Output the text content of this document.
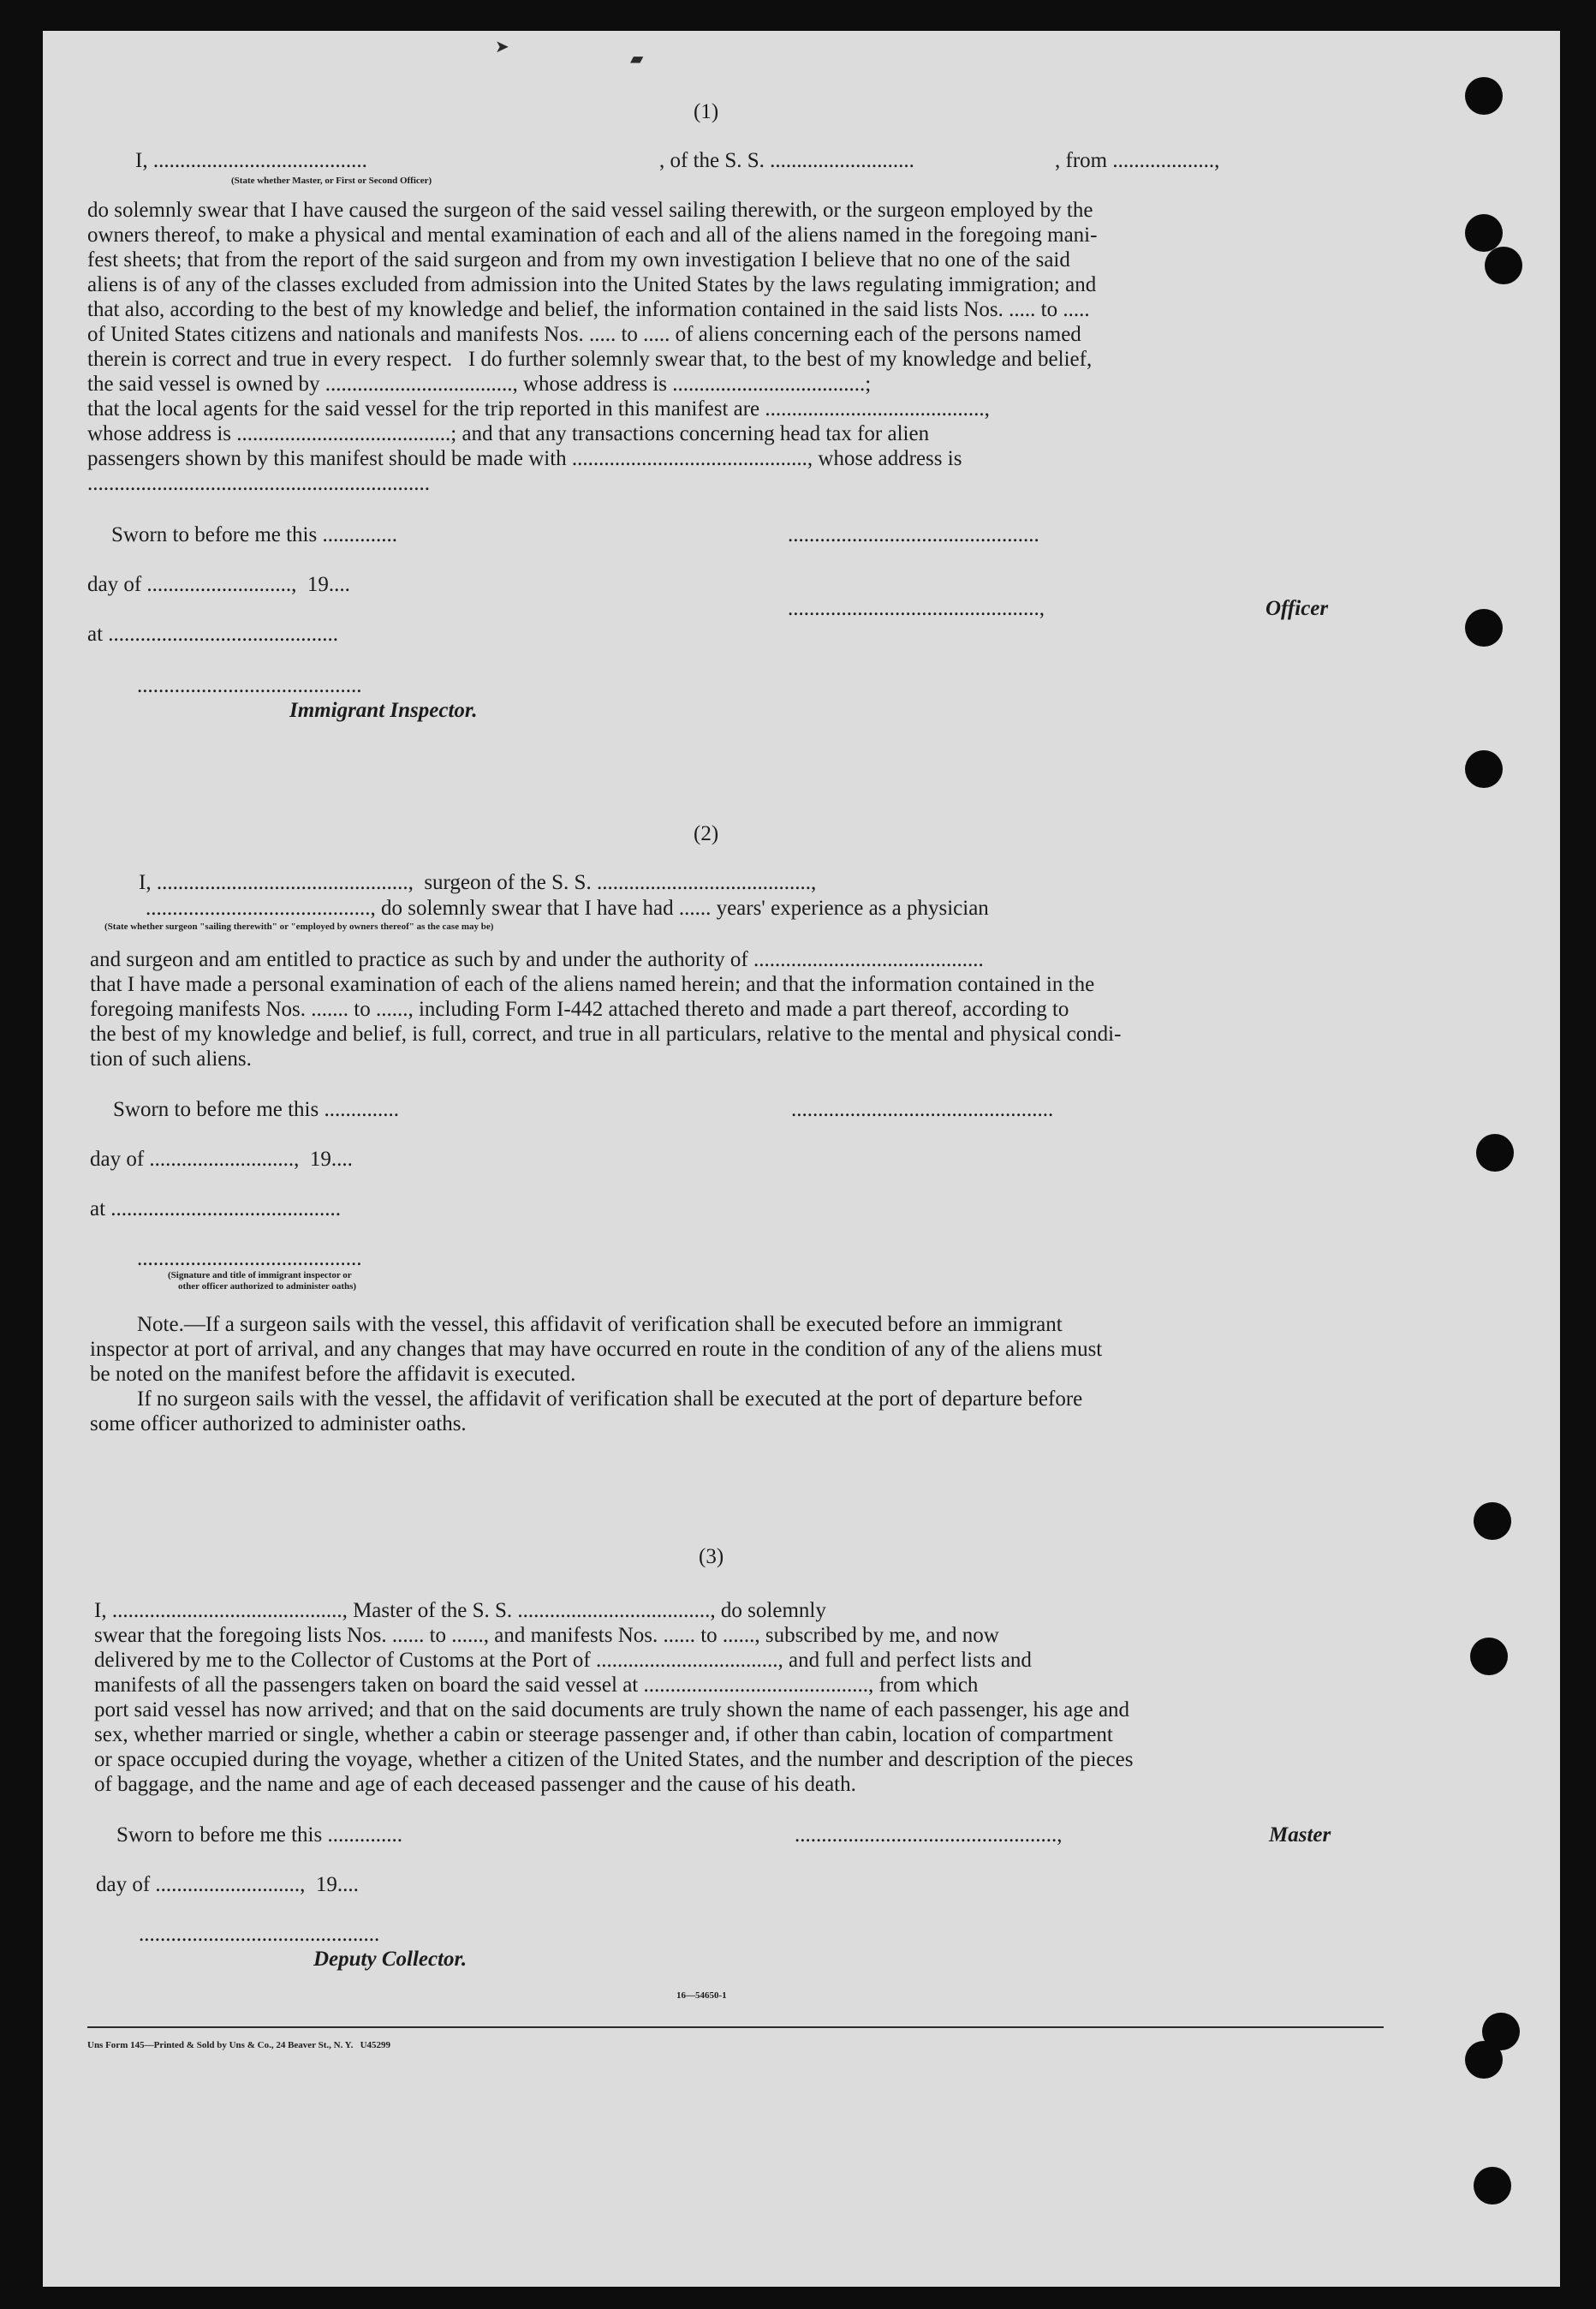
▰
➤
(1)
I, ........................................	, of the S. S. ...........................	, from ...................,
(State whether Master, or First or Second Officer)
do solemnly swear that I have caused the surgeon of the said vessel sailing therewith, or the surgeon employed by the
owners thereof, to make a physical and mental examination of each and all of the aliens named in the foregoing mani-
fest sheets; that from the report of the said surgeon and from my own investigation I believe that no one of the said
aliens is of any of the classes excluded from admission into the United States by the laws regulating immigration; and
that also, according to the best of my knowledge and belief, the information contained in the said lists Nos. ..... to .....
of United States citizens and nationals and manifests Nos. ..... to ..... of aliens concerning each of the persons named
therein is correct and true in every respect.   I do further solemnly swear that, to the best of my knowledge and belief,
the said vessel is owned by ..................................., whose address is ....................................;
that the local agents for the said vessel for the trip reported in this manifest are .........................................,
whose address is ........................................; and that any transactions concerning head tax for alien
passengers shown by this manifest should be made with ............................................, whose address is
................................................................
Sworn to before me this ..............	...............................................
day of ...........................,  19....
...............................................,	Officer
at ...........................................
..........................................
Immigrant Inspector.
(2)
I, ...............................................,  surgeon of the S. S. ........................................,
.........................................., do solemnly swear that I have had ...... years' experience as a physician
(State whether surgeon "sailing therewith" or "employed by owners thereof" as the case may be)
and surgeon and am entitled to practice as such by and under the authority of ...........................................
that I have made a personal examination of each of the aliens named herein; and that the information contained in the
foregoing manifests Nos. ....... to ......, including Form I-442 attached thereto and made a part thereof, according to
the best of my knowledge and belief, is full, correct, and true in all particulars, relative to the mental and physical condi-
tion of such aliens.
Sworn to before me this ..............	.................................................
day of ...........................,  19....
at ...........................................
..........................................
(Signature and title of immigrant inspector or
other officer authorized to administer oaths)
Note.—If a surgeon sails with the vessel, this affidavit of verification shall be executed before an immigrant
inspector at port of arrival, and any changes that may have occurred en route in the condition of any of the aliens must
be noted on the manifest before the affidavit is executed.
If no surgeon sails with the vessel, the affidavit of verification shall be executed at the port of departure before
some officer authorized to administer oaths.
(3)
I, ..........................................., Master of the S. S. ...................................., do solemnly
swear that the foregoing lists Nos. ...... to ......, and manifests Nos. ...... to ......, subscribed by me, and now
delivered by me to the Collector of Customs at the Port of .................................., and full and perfect lists and
manifests of all the passengers taken on board the said vessel at .........................................., from which
port said vessel has now arrived; and that on the said documents are truly shown the name of each passenger, his age and
sex, whether married or single, whether a cabin or steerage passenger and, if other than cabin, location of compartment
or space occupied during the voyage, whether a citizen of the United States, and the number and description of the pieces
of baggage, and the name and age of each deceased passenger and the cause of his death.
Sworn to before me this ..............	.................................................,	Master
day of ...........................,  19....
.............................................
Deputy Collector.
16—54650-1
Uns Form 145—Printed & Sold by Uns & Co., 24 Beaver St., N. Y.   U45299
